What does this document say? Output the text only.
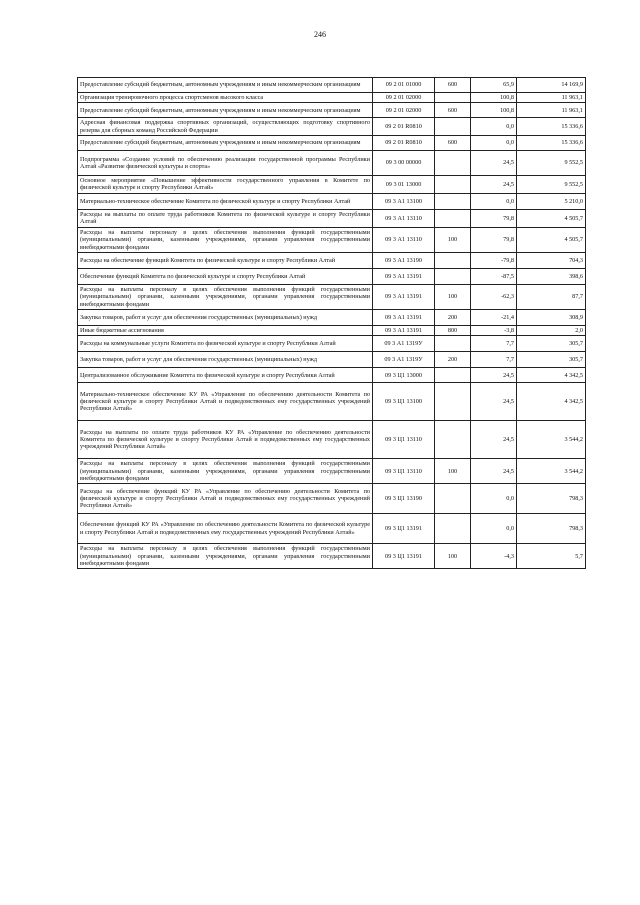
246
Предоставление субсидий бюджетным, автономным учреждениям и иным некоммерческим организациям	09 2 01 01000	600	65,9	14 169,9
Организация тренировочного процесса спортсменов высокого класса	09 2 01 02000		100,8	11 963,1
Предоставление субсидий бюджетным, автономным учреждениям и иным некоммерческим организациям	09 2 01 02000	600	100,8	11 963,1
Адресная финансовая поддержка спортивных организаций, осуществляющих подготовку спортивного резерва для сборных команд Российской Федерации	09 2 01 R0810		0,0	15 336,6
Предоставление субсидий бюджетным, автономным учреждениям и иным некоммерческим организациям	09 2 01 R0810	600	0,0	15 336,6
Подпрограмма «Создание условий по обеспечению реализации государственной программы Республики Алтай «Развитие физической культуры и спорта»	09 3 00 00000		24,5	9 552,5
Основное мероприятие «Повышение эффективности государственного управления в Комитете по физической культуре и спорту Республики Алтай»	09 3 01 13000		24,5	9 552,5
Материально-техническое обеспечение Комитета по физической культуре и спорту Республики Алтай	09 3 А1 13100		0,0	5 210,0
Расходы на выплаты по оплате труда работников Комитета по физической культуре и спорту Республики Алтай	09 3 А1 13110		79,8	4 505,7
Расходы на выплаты персоналу в целях обеспечения выполнения функций государственными (муниципальными) органами, казенными учреждениями, органами управления государственными внебюджетными фондами	09 3 А1 13110	100	79,8	4 505,7
Расходы на обеспечение функций Комитета по физической культуре и спорту Республики Алтай	09 3 А1 13190		-79,8	704,3
Обеспечение функций Комитета по физической культуре и спорту Республики Алтай	09 3 А1 13191		-87,5	398,6
Расходы на выплаты персоналу в целях обеспечения выполнения функций государственными (муниципальными) органами, казенными учреждениями, органами управления государственными внебюджетными фондами	09 3 А1 13191	100	-62,3	87,7
Закупка товаров, работ и услуг для обеспечения государственных (муниципальных) нужд	09 3 А1 13191	200	-21,4	308,9
Иные бюджетные ассигнования	09 3 А1 13191	800	-3,8	2,0
Расходы на коммунальные услуги Комитета по физической культуре и спорту Республики Алтай	09 3 А1 1319У		7,7	305,7
Закупка товаров, работ и услуг для обеспечения государственных (муниципальных) нужд	09 3 А1 1319У	200	7,7	305,7
Централизованное обслуживание Комитета по физической культуре и спорту Республики Алтай	09 3 Ц1 13000		24,5	4 342,5
Материально-техническое обеспечение КУ РА «Управление по обеспечению деятельности Комитета по физической культуре и спорту Республики Алтай и подведомственных ему государственных учреждений Республики Алтай»	09 3 Ц1 13100		24,5	4 342,5
Расходы на выплаты по оплате труда работников КУ РА «Управление по обеспечению деятельности Комитета по физической культуре и спорту Республики Алтай и подведомственных ему государственных учреждений Республики Алтай»	09 3 Ц1 13110		24,5	3 544,2
Расходы на выплаты персоналу в целях обеспечения выполнения функций государственными (муниципальными) органами, казенными учреждениями, органами управления государственными внебюджетными фондами	09 3 Ц1 13110	100	24,5	3 544,2
Расходы на обеспечение функций КУ РА «Управление по обеспечению деятельности Комитета по физической культуре и спорту Республики Алтай и подведомственных ему государственных учреждений Республики Алтай»	09 3 Ц1 13190		0,0	798,3
Обеспечение функций КУ РА «Управление по обеспечению деятельности Комитета по физической культуре и спорту Республики Алтай и подведомственных ему государственных учреждений Республики Алтай»	09 3 Ц1 13191		0,0	798,3
Расходы на выплаты персоналу в целях обеспечения выполнения функций государственными (муниципальными) органами, казенными учреждениями, органами управления государственными внебюджетными фондами	09 3 Ц1 13191	100	-4,3	5,7
